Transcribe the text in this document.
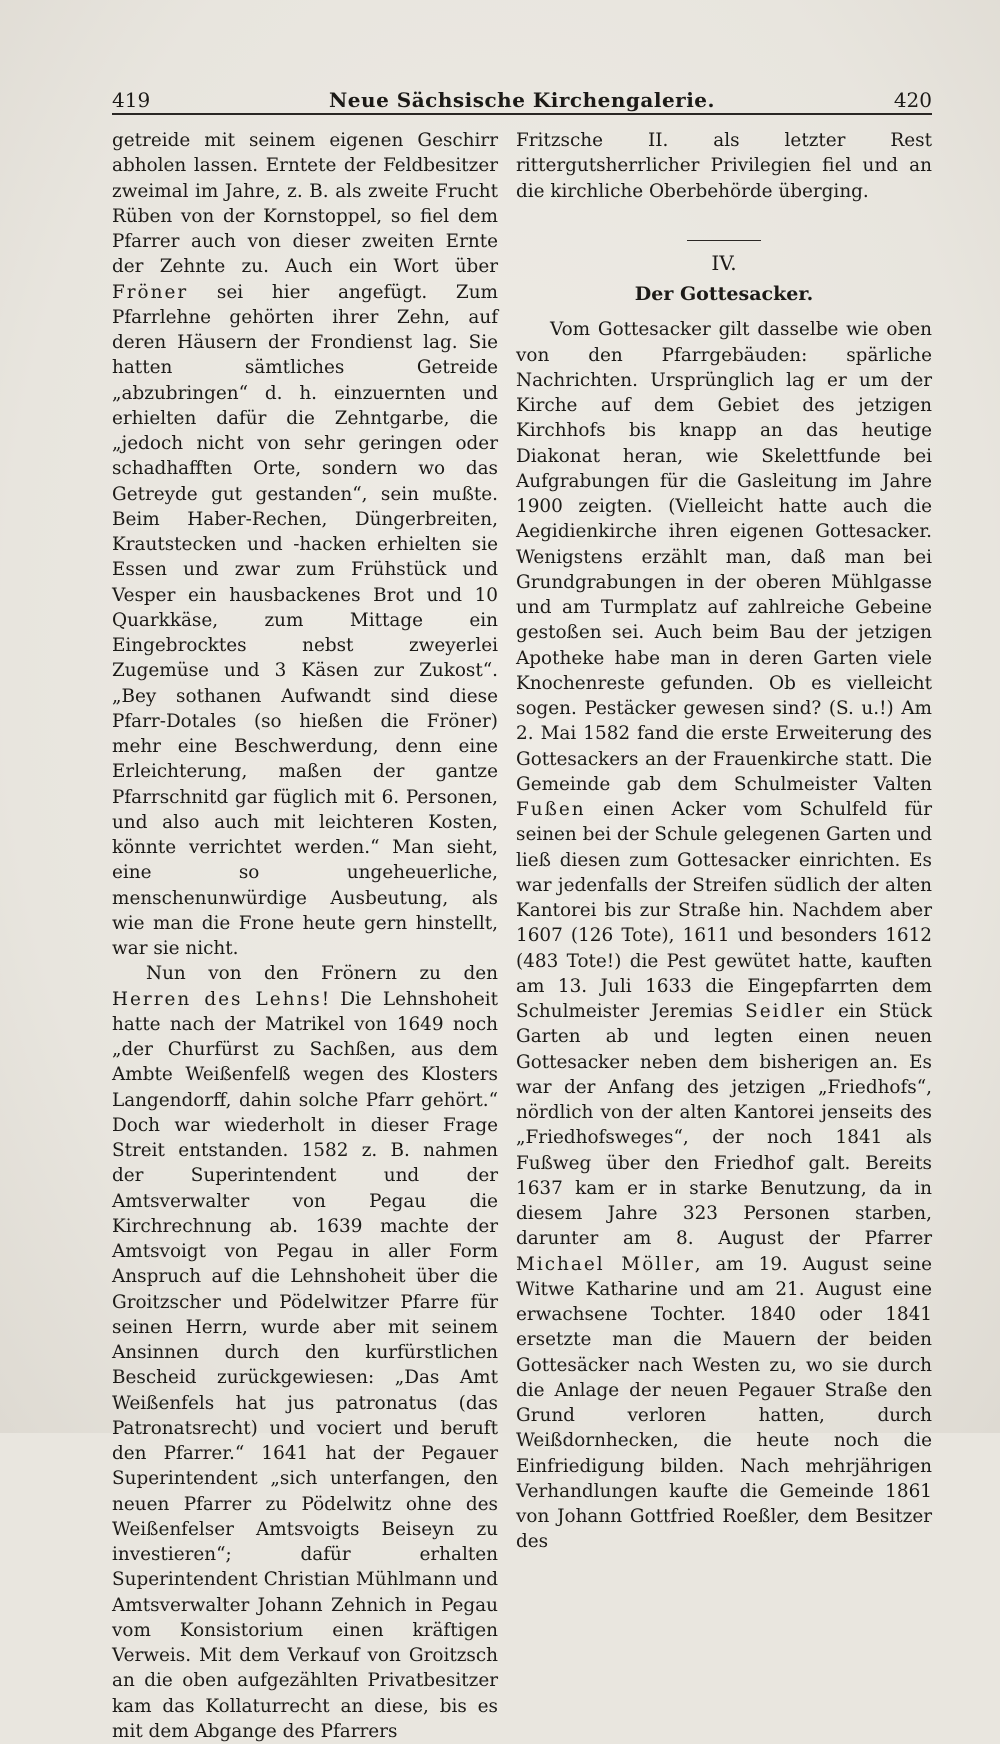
419	Neue Sächsische Kirchengalerie.	420

getreide mit seinem eigenen Geschirr abholen lassen. Erntete der Feldbesitzer zweimal im Jahre, z. B. als zweite Frucht Rüben von der Kornstoppel, so fiel dem Pfarrer auch von dieser zweiten Ernte der Zehnte zu. Auch ein Wort über Fröner sei hier angefügt. Zum Pfarrlehne gehörten ihrer Zehn, auf deren Häusern der Frondienst lag. Sie hatten sämtliches Getreide „abzubringen“ d. h. einzuernten und erhielten dafür die Zehntgarbe, die „jedoch nicht von sehr geringen oder schadhafften Orte, sondern wo das Getreyde gut gestanden“, sein mußte. Beim Haber-Rechen, Düngerbreiten, Krautstecken und -hacken erhielten sie Essen und zwar zum Frühstück und Vesper ein hausbackenes Brot und 10 Quarkkäse, zum Mittage ein Eingebrocktes nebst zweyerlei Zugemüse und 3 Käsen zur Zukost“. „Bey sothanen Aufwandt sind diese Pfarr-Dotales (so hießen die Fröner) mehr eine Beschwerdung, denn eine Erleichterung, maßen der gantze Pfarrschnitd gar füglich mit 6. Personen, und also auch mit leichteren Kosten, könnte verrichtet werden.“ Man sieht, eine so ungeheuerliche, menschenunwürdige Ausbeutung, als wie man die Frone heute gern hinstellt, war sie nicht.

Nun von den Frönern zu den Herren des Lehns! Die Lehnshoheit hatte nach der Matrikel von 1649 noch „der Churfürst zu Sachßen, aus dem Ambte Weißenfelß wegen des Klosters Langendorff, dahin solche Pfarr gehört.“ Doch war wiederholt in dieser Frage Streit entstanden. 1582 z. B. nahmen der Superintendent und der Amtsverwalter von Pegau die Kirchrechnung ab. 1639 machte der Amtsvoigt von Pegau in aller Form Anspruch auf die Lehnshoheit über die Groitzscher und Pödelwitzer Pfarre für seinen Herrn, wurde aber mit seinem Ansinnen durch den kurfürstlichen Bescheid zurückgewiesen: „Das Amt Weißenfels hat jus patronatus (das Patronatsrecht) und vociert und beruft den Pfarrer.“ 1641 hat der Pegauer Superintendent „sich unterfangen, den neuen Pfarrer zu Pödelwitz ohne des Weißenfelser Amtsvoigts Beiseyn zu investieren“; dafür erhalten Superintendent Christian Mühlmann und Amtsverwalter Johann Zehnich in Pegau vom Konsistorium einen kräftigen Verweis. Mit dem Verkauf von Groitzsch an die oben aufgezählten Privatbesitzer kam das Kollaturrecht an diese, bis es mit dem Abgange des Pfarrers

Fritzsche II. als letzter Rest rittergutsherrlicher Privilegien fiel und an die kirchliche Oberbehörde überging.

IV.
Der Gottesacker.

Vom Gottesacker gilt dasselbe wie oben von den Pfarrgebäuden: spärliche Nachrichten. Ursprünglich lag er um der Kirche auf dem Gebiet des jetzigen Kirchhofs bis knapp an das heutige Diakonat heran, wie Skelettfunde bei Aufgrabungen für die Gasleitung im Jahre 1900 zeigten. (Vielleicht hatte auch die Aegidienkirche ihren eigenen Gottesacker. Wenigstens erzählt man, daß man bei Grundgrabungen in der oberen Mühlgasse und am Turmplatz auf zahlreiche Gebeine gestoßen sei. Auch beim Bau der jetzigen Apotheke habe man in deren Garten viele Knochenreste gefunden. Ob es vielleicht sogen. Pestäcker gewesen sind? (S. u.!) Am 2. Mai 1582 fand die erste Erweiterung des Gottesackers an der Frauenkirche statt. Die Gemeinde gab dem Schulmeister Valten Fußen einen Acker vom Schulfeld für seinen bei der Schule gelegenen Garten und ließ diesen zum Gottesacker einrichten. Es war jedenfalls der Streifen südlich der alten Kantorei bis zur Straße hin. Nachdem aber 1607 (126 Tote), 1611 und besonders 1612 (483 Tote!) die Pest gewütet hatte, kauften am 13. Juli 1633 die Eingepfarrten dem Schulmeister Jeremias Seidler ein Stück Garten ab und legten einen neuen Gottesacker neben dem bisherigen an. Es war der Anfang des jetzigen „Friedhofs“, nördlich von der alten Kantorei jenseits des „Friedhofsweges“, der noch 1841 als Fußweg über den Friedhof galt. Bereits 1637 kam er in starke Benutzung, da in diesem Jahre 323 Personen starben, darunter am 8. August der Pfarrer Michael Möller, am 19. August seine Witwe Katharine und am 21. August eine erwachsene Tochter. 1840 oder 1841 ersetzte man die Mauern der beiden Gottesäcker nach Westen zu, wo sie durch die Anlage der neuen Pegauer Straße den Grund verloren hatten, durch Weißdornhecken, die heute noch die Einfriedigung bilden. Nach mehrjährigen Verhandlungen kaufte die Gemeinde 1861 von Johann Gottfried Roeßler, dem Besitzer des
